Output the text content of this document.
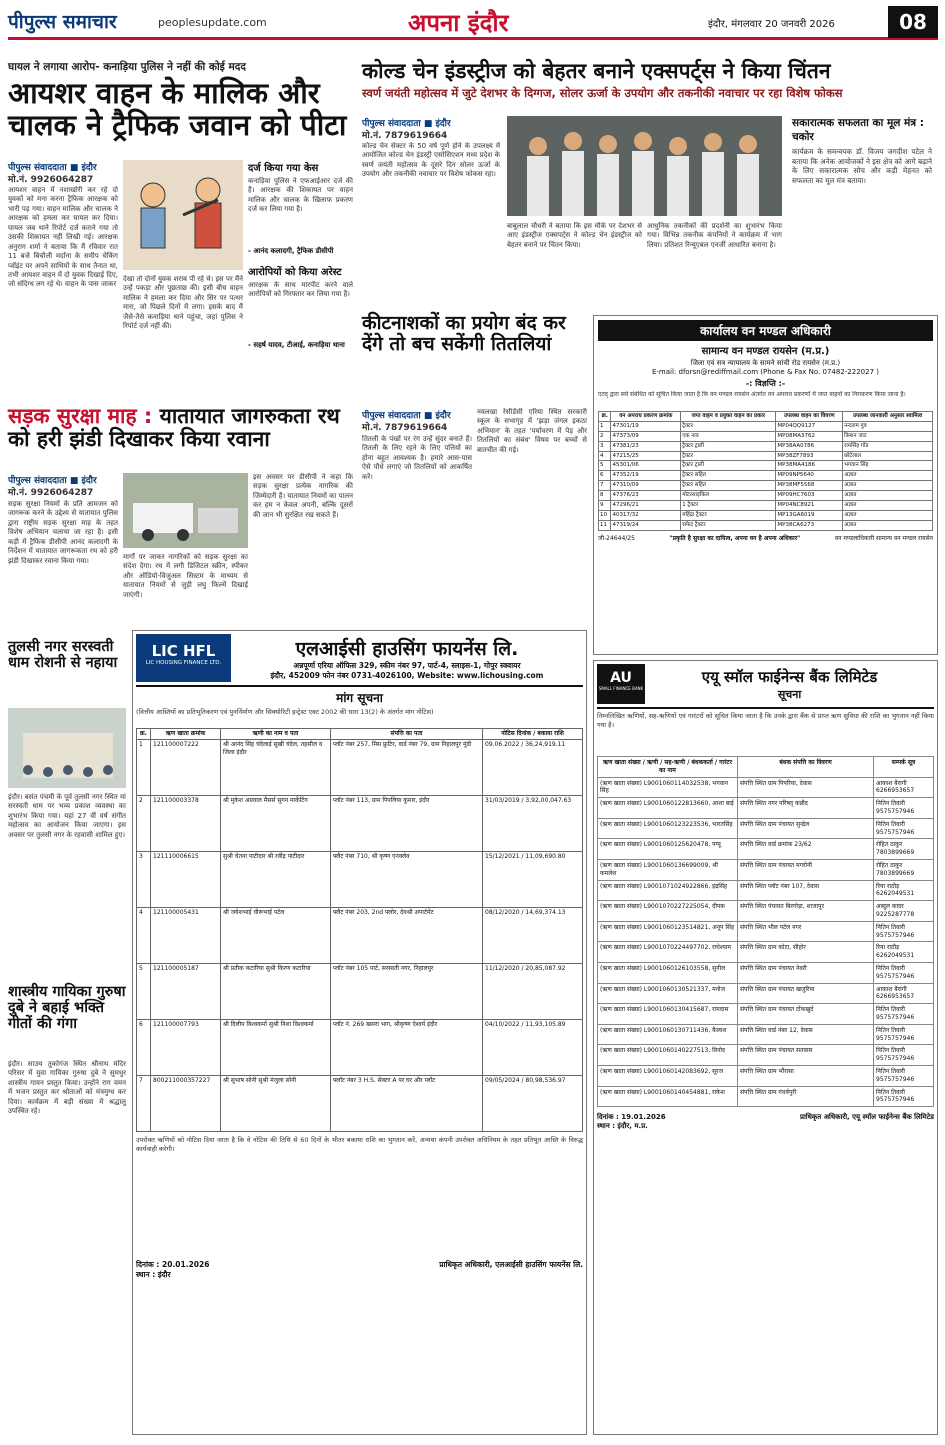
पीपुल्स समाचार	peoplesupdate.com	अपना इंदौर	इंदौर, मंगलवार 20 जनवरी 2026	08
घायल ने लगाया आरोप- कनाड़िया पुलिस ने नहीं की कोई मदद
आयशर वाहन के मालिक और चालक ने ट्रैफिक जवान को पीटा
पीपुल्स संवाददाता ■ इंदौर
मो.नं. 9926064287
आयशर वाहन में नशाखोरी कर रहे दो युवकों को मना करना ट्रैफिक आरक्षक को भारी पड़ गया। वाहन मालिक और चालक ने आरक्षक को हमला कर घायल कर दिया। घायल जब थाने रिपोर्ट दर्ज कराने गया तो उसकी शिकायत नहीं लिखी गई। आरक्षक अनुराग शर्मा ने बताया कि मैं रविवार रात 11 बजे बिचौली मर्दाना के समीप चेकिंग प्वॉइंट पर अपने साथियों के साथ तैनात था, तभी आयशर वाहन में दो युवक दिखाई दिए, जो संदिग्ध लग रहे थे। वाहन के पास जाकर
देखा तो दोनों युवक शराब पी रहे थे। इस पर मैंने उन्हें पकड़ा और पूछताछ की। इसी बीच वाहन मालिक ने हमला कर दिया और सिर पर पत्थर मारा, जो पिछले दिनों में लगा। इसके बाद मैं जैसे-तैसे कनाड़िया थाने पहुंचा, जहां पुलिस ने रिपोर्ट दर्ज नहीं की।
दर्ज किया गया केस
कनाड़िया पुलिस ने एफआईआर दर्ज की है। आरक्षक की शिकायत पर वाहन मालिक और चालक के खिलाफ प्रकरण दर्ज कर लिया गया है।
- आनंद कलादगी, ट्रैफिक डीसीपी
आरोपियों को किया अरेस्ट
आरक्षक के साथ मारपीट करने वाले आरोपियों को गिरफ्तार कर लिया गया है।
- सहर्ष यादव, टीआई, कनाड़िया थाना
कोल्ड चेन इंडस्ट्रीज को बेहतर बनाने एक्सपर्ट्स ने किया चिंतन
स्वर्ण जयंती महोत्सव में जुटे देशभर के दिग्गज, सोलर ऊर्जा के उपयोग और तकनीकी नवाचार पर रहा विशेष फोकस
पीपुल्स संवाददाता ■ इंदौर
मो.नं. 7879619664
कोल्ड चेन सेक्टर के 50 वर्ष पूर्ण होने के उपलक्ष्य में आयोजित कोल्ड चेन इंडस्ट्री एसोसिएशन मध्य प्रदेश के स्वर्ण जयंती महोत्सव के दूसरे दिन सोलर ऊर्जा के उपयोग और तकनीकी नवाचार पर विशेष फोकस रहा।
बाबूलाल चौधरी ने बताया कि इस मौके पर देशभर से आए इंडस्ट्रीज एक्सपर्ट्स ने कोल्ड चेन इंडस्ट्रीज को बेहतर बनाने पर चिंतन किया।
आधुनिक तकनीकों की प्रदर्शनी का शुभारंभ किया गया। विभिन्न तकनीक कंपनियों ने कार्यक्रम में भाग लिया। प्रतिशत रिन्यूएबल एनर्जी आधारित बनाना है।
सकारात्मक सफलता का मूल मंत्र : चकोर
कार्यक्रम के समन्वयक डॉ. विजय जगदीश पटेल ने बताया कि अनेक आयोजकों ने इस क्षेत्र को आगे बढ़ाने के लिए सकारात्मक सोच और कड़ी मेहनत को सफलता का मूल मंत्र बताया।
कीटनाशकों का प्रयोग बंद कर देंगे तो बच सकेंगी तितलियां
पीपुल्स संवाददाता ■ इंदौर
मो.नं. 7879619664
तितली के पंखों पर रंग उन्हें सुंदर बनाते हैं। तितली के लिए रहने के लिए पत्तियों का होना बहुत आवश्यक है। हमारे आस-पास ऐसे पौधे लगाएं जो तितलियों को आकर्षित करें।
नवलखा रेसीडेंसी एरिया स्थित सरकारी स्कूल के सभागृह में 'झड़ा जंगल इकठा अभियान' के तहत 'पर्यावरण में पेड़ और तितलियों का संबंध' विषय पर बच्चों से बातचीत की गई।
सड़क सुरक्षा माह : यातायात जागरुकता रथ को हरी झंडी दिखाकर किया रवाना
पीपुल्स संवाददाता ■ इंदौर
मो.नं. 9926064287
सड़क सुरक्षा नियमों के प्रति आमजन को जागरूक करने के उद्देश्य से यातायात पुलिस द्वारा राष्ट्रीय सड़क सुरक्षा माह के तहत विशेष अभियान चलाया जा रहा है। इसी कड़ी में ट्रैफिक डीसीपी आनंद कलादगी के निर्देशन में यातायात जागरूकता रथ को हरी झंडी दिखाकर रवाना किया गया।	मार्गों पर जाकर नागरिकों को सड़क सुरक्षा का संदेश देगा। रथ में लगी डिजिटल स्क्रीन, स्पीकर और ऑडियो-विजुअल सिस्टम के माध्यम से यातायात नियमों से जुड़ी लघु फिल्में दिखाई जाएंगी।
इस अवसर पर डीसीपी ने कहा कि सड़क सुरक्षा प्रत्येक नागरिक की जिम्मेदारी है। यातायात नियमों का पालन कर हम न केवल अपनी, बल्कि दूसरों की जान भी सुरक्षित रख सकते हैं।
तुलसी नगर सरस्वती धाम रोशनी से नहाया
इंदौर। बसंत पंचमी के पूर्व तुलसी नगर स्थित मां सरस्वती धाम पर भव्य प्रकाश व्यवस्था का शुभारंभ किया गया। यहां 27 वीं वर्ष संगीत महोत्सव का आयोजन किया जाएगा। इस अवसर पर तुलसी नगर के रहवासी शामिल हुए।
शास्त्रीय गायिका गुरुषा दुबे ने बहाई भक्ति गीतों की गंगा
इंदौर। साउथ तुकोगंज स्थित श्रीनाथ मंदिर परिसर में युवा गायिका गुरुषा दुबे ने सुमधुर शास्त्रीय गायन प्रस्तुत किया। उन्होंने राग यमन में भजन प्रस्तुत कर श्रोताओं को मंत्रमुग्ध कर दिया। कार्यक्रम में बड़ी संख्या में श्रद्धालु उपस्थित रहे।
कार्यालय वन मण्डल अधिकारी
सामान्य वन मण्डल रायसेन (म.प्र.)
जिला एवं सत्र न्यायालय के सामने सांची रोड रायसेन (म.प्र.)
E-mail: dforsn@rediffmail.com (Phone & Fax No. 07482-222027 )
-: विज्ञप्ति :-
एतद् द्वारा सर्व संबंधित को सूचित किया जाता है कि वन मण्डल रायसेन अंतर्गत वन अपराध प्रकरणों में जप्त वाहनों का निराकरण किया जाना है।
क्र.	वन अपराध प्रकरण क्रमांक	जप्त वाहन व प्रयुक्त वाहन का प्रकार	उपलब्ध वाहन का विवरण	उपलब्ध जानकारी अनुसार स्वामित्व
1	47301/19	ट्रैक्टर	MP04QQ9127	नन्दराम पुत्र
2	47373/09	एक नाव	MP08MA3762	किशन जाट
3	47381/23	ट्रैक्टर ट्राली	MP38AA0786	रामसिंह गोंड
4	47215/25	ट्रैक्टर	MP38ZF7893	छोटेलाल
5	45301/06	ट्रैक्टर ट्राली	MP38MA4186	भगवान सिंह
6	47352/19	ट्रैक्टर सहित	MP09NP5640	अज्ञात
7	47310/09	ट्रैक्टर सहित	MP38MF5568	अज्ञात
8	47376/23	मोटरसाइकिल	MP09HC7603	अज्ञात
9	47296/21	1 ट्रैक्टर	MP04NC8921	अज्ञात
10	40317/32	महिंद्रा ट्रैक्टर	MP13GA6019	अज्ञात
11	47319/24	सफेद ट्रैक्टर	MP38CA6273	अज्ञात
जी-24644/25	"प्रकृति है सुरक्षा का दायित्व, अपना वन है अपना अधिकार"	वन मण्डलाधिकारी सामान्य वन मण्डल रायसेन
LIC HFL
LIC HOUSING FINANCE LTD.
एलआईसी हाउसिंग फायनेंस लि.
अन्नपूर्णा एरिया ऑफिस 329, स्कीम नंबर 97, पार्ट-4, स्लाइस-1, गोपुर स्क्वायर
इंदौर, 452009 फोन नंबर 0731-4026100, Website: www.lichousing.com
मांग सूचना
(वित्तीय आस्तियों का प्रतिभूतिकरण एवं पुनर्निर्माण और सिक्योरिटी इन्ट्रेस्ट एक्ट 2002 की धारा 13(2) के अंतर्गत मांग नोटिस)
क्र.	ऋण खाता क्रमांक	ऋणी का नाम व पता	संपत्ति का पता	नोटिस दिनांक / बकाया राशि
1	121100007222	श्री आनंद सिंह चंदेलाई सुखी चंदेल, तहसील व जिला इंदौर	प्लॉट नंबर 257, मिस फ्रुटिर, वार्ड नंबर 79, ग्राम निहालपुर मुंडी	09.06.2022 / 36,24,919.11
2	121100003378	श्री मुकेश अग्रवाल मैसर्स सुगन मार्केटिंग	प्लॉट नंबर 113, ग्राम पिपलिया कुमार, इंदौर	31/03/2019 / 3,92,00,047.63
3	121110006615	सुश्री चेतना पाटीदार श्री रवींद्र पाटीदार	फ्लैट नंबर 710, श्री कृष्ण एनक्लेव	15/12/2021 / 11,09,690.80
4	121100005431	श्री जयेशभाई धीरूभाई पटेल	फ्लैट नंबर 203, 2nd फ्लोर, देवश्री अपार्टमेंट	08/12/2020 / 14,69,374.13
5	121100005187	श्री प्रतीक कटारिया सुश्री किरण कटारिया	प्लॉट नंबर 105 पार्ट, सरस्वती नगर, निहालपुर	11/12/2020 / 20,85,087.92
6	121100007793	श्री दिलीप विश्वकर्मा सुश्री निशा विश्वकर्मा	प्लॉट नं. 269 खसरा भाग, श्रीकृष्ण ऐश्वर्य इंदौर	04/10/2022 / 11,93,105.89
7	800211000357227	श्री सुभाष सोनी सुश्री मंजुला सोनी	फ्लॉट नंबर 3 H.S. सेक्टर A पर घर और प्लॉट	09/05/2024 / 80,98,536.97
उपरोक्त ऋणियों को नोटिस दिया जाता है कि वे नोटिस की तिथि से 60 दिनों के भीतर बकाया राशि का भुगतान करें, अन्यथा कंपनी उपरोक्त अधिनियम के तहत प्रतिभूत आस्ति के विरुद्ध कार्यवाही करेगी।
दिनांक : 20.01.2026
स्थान : इंदौर
प्राधिकृत अधिकारी, एलआईसी हाउसिंग फायनेंस लि.
AU
SMALL FINANCE BANK
एयू स्मॉल फाईनेन्स बैंक लिमिटेड
सूचना
निम्नलिखित ऋणियों, सह-ऋणियों एवं गारंटरों को सूचित किया जाता है कि उनके द्वारा बैंक से प्राप्त ऋण सुविधा की राशि का भुगतान नहीं किया गया है।
ऋण खाता संख्या / ऋणी / सह-ऋणी / बंधककर्ता / गारंटर का नाम	बंधक संपत्ति का विवरण	सम्पर्क सूत्र
(ऋण खाता संख्या) L9001060114032538, भगवान सिंह	संपत्ति स्थित ग्राम पिपरिया, देवास	आकाश बैरागी 6266953657
(ऋण खाता संख्या) L9001060122813660, आशा बाई	संपत्ति स्थित नगर परिषद् कन्नौद	नितिन तिवारी 9575757946
(ऋण खाता संख्या) L9001060123223536, भारतसिंह	संपत्ति स्थित ग्राम पंचायत सुन्द्रेल	नितिन तिवारी 9575757946
(ऋण खाता संख्या) L9001060125620478, पप्पू	संपत्ति स्थित वार्ड क्रमांक 23/62	रोहित ठाकुर 7803899669
(ऋण खाता संख्या) L9001060136699009, श्री कमलेश	संपत्ति स्थित ग्राम पंचायत मगरोनी	रोहित ठाकुर 7803899669
(ऋण खाता संख्या) L9001071024922866, इंद्रसिंह	संपत्ति स्थित प्लॉट नंबर 107, देवास	रिया राठौड़ 6262049531
(ऋण खाता संख्या) L9001070227225054, दीपक	संपत्ति स्थित पंचायत बिरगोड़ा, शाजापुर	अब्दुल कादर 9225287778
(ऋण खाता संख्या) L9001060123514821, अनूप सिंह	संपत्ति स्थित भील पटेल नगर	नितिन तिवारी 9575757946
(ऋण खाता संख्या) L9001070224497702, राधेश्याम	संपत्ति स्थित ग्राम कोटा, सीहोर	रिया राठौड़ 6262049531
(ऋण खाता संख्या) L9001060126103558, सुनील	संपत्ति स्थित ग्राम पंचायत नेवरी	नितिन तिवारी 9575757946
(ऋण खाता संख्या) L9001060130521337, मनोज	संपत्ति स्थित ग्राम पंचायत खजुरिया	आकाश बैरागी 6266953657
(ऋण खाता संख्या) L9001060130415687, रामदास	संपत्ति स्थित ग्राम पंचायत टोंकखुर्द	नितिन तिवारी 9575757946
(ऋण खाता संख्या) L9001060130711436, कैलाश	संपत्ति स्थित वार्ड नंबर 12, देवास	नितिन तिवारी 9575757946
(ऋण खाता संख्या) L9001060140227513, विनोद	संपत्ति स्थित ग्राम पंचायत सतवास	नितिन तिवारी 9575757946
(ऋण खाता संख्या) L9001060142083692, सूरज	संपत्ति स्थित ग्राम भौंरासा	नितिन तिवारी 9575757946
(ऋण खाता संख्या) L9001060140454881, राकेश	संपत्ति स्थित ग्राम गंधर्वपुरी	नितिन तिवारी 9575757946
दिनांक : 19.01.2026
स्थान : इंदौर, म.प्र.
प्राधिकृत अधिकारी, एयू स्मॉल फाईनेन्स बैंक लिमिटेड
